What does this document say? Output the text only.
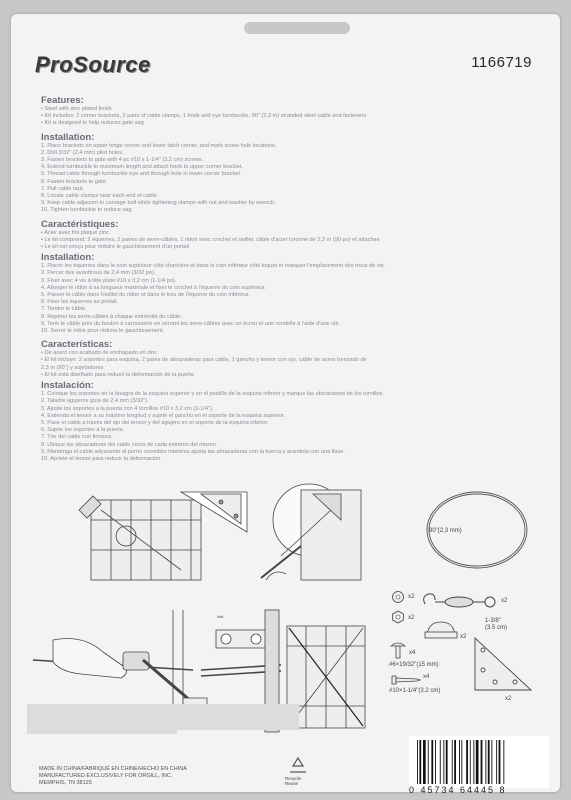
ProSource	1166719
Features:
• Steel with zinc plated finish
• Kit includes: 2 corner brackets, 2 pairs of cable clamps, 1 hook and eye turnbuckle, 90" (2.3 m) stranded steel cable and fasteners
• Kit is designed to help reduces gate sag
Installation:
1. Place brackets on upper hinge corner and lower latch corner, and mark screw hole locations.
2. Drill 3/32" (2.4 mm) pilot holes.
3. Fasten brackets to gate with 4 pc #10 x 1-1/4" (3.2 cm) screws.
4. Extend turnbuckle to maximum length and attach hook to upper corner bracket.
5. Thread cable through turnbuckle eye and through hole in lower corner bracket.
6. Fasten brackets to gate.
7. Pull cable taut.
8. Locate cable clamps near each end of cable.
9. Keep cable adjacent to carriage bolt while tightening clamps with nut and washer by wrench.
10. Tighten turnbuckle to reduce sag.
Caractéristiques:
• Acier avec fini plaqué zinc
• Le kit comprend: 2 équerres, 2 paires de serre-câbles, 1 ridoir avec crochet et oeillet, câble d'acier toronné de 2,3 m (90 po) et attaches
• Le kit est conçu pour réduire le gauchissement d'un portail
Installation:
1. Placer les équerres dans le coin supérieur côté charnière et dans le coin inférieur côté loquet et marquer l'emplacement des trous de vis.
2. Percer des avanttrous de 2,4 mm (3/32 po).
3. Fixer avec 4 vis à tête plate #10 x 3,2 cm (1-1/4 po).
4. Allonger le ridoir à sa longueur maximale et fixer le crochet à l'équerre du coin supérieur.
5. Passer le câble dans l'oeillet du ridoir et dans le trou de l'équerre du coin inférieur.
6. Fixer les équerres au portail.
7. Tendre le câble.
8. Repérer les serre-câbles à chaque extrémité du câble.
9. Tenir le câble près du boulon à carrosserie en serrant les serre-câbles avec un écrou et une rondelle à l'aide d'une clé.
10. Serrer le ridoir pour réduire le gauchissement.
Características:
• De acero con acabado de enchapado en zinc
• El kit incluye: 2 soportes para esquina, 2 pares de abrazaderas para cable, 1 gancho y tensor con ojo, cable de acero trenzado de
2,3 m (90") y sujetadores
• El kit está diseñado para reducir la deformación de la puerta
Instalación:
1. Coloque los soportes en la bisagra de la esquina superior y en el pestillo de la esquina inferior y marque las ubicaciones de los tornillos.
2. Taladre agujeros guía de 2,4 mm (3/32").
3. Ajuste los soportes a la puerta con 4 tornillos #10 x 3,2 cm (1-1/4").
4. Extienda el tensor a su máximo longitud y sujete el gancho en el soporte de la esquina superior.
5. Pase el cable a través del ojo del tensor y del agujero en el soporte de la esquina inferior.
6. Sujete los soportes a la puerta.
7. Tire del cable con firmeza.
8. Ubique las abrazaderas del cable cerca de cada extremo del mismo.
9. Mantenga el cable adyacente al perno corredizo mientras ajusta las abrazaderas con la tuerca y arandela con una llave.
10. Apriete el tensor para reducir la deformación.
90"(2,3 mm)
Nut
x2
x2
x2
x2
x4
#6×19/32"(15 mm)
x4
#10×1-1/4"(3.2 cm)
1-3/8"
(3.5 cm)
x2
MADE IN CHINA/FABRIQUÉ EN CHINE/HECHO EN CHINA
MANUFACTURED EXCLUSIVELY FOR ORGILL, INC.
MEMPHIS, TN 38125
Recycle
Reuse
0 45734 64445 8
